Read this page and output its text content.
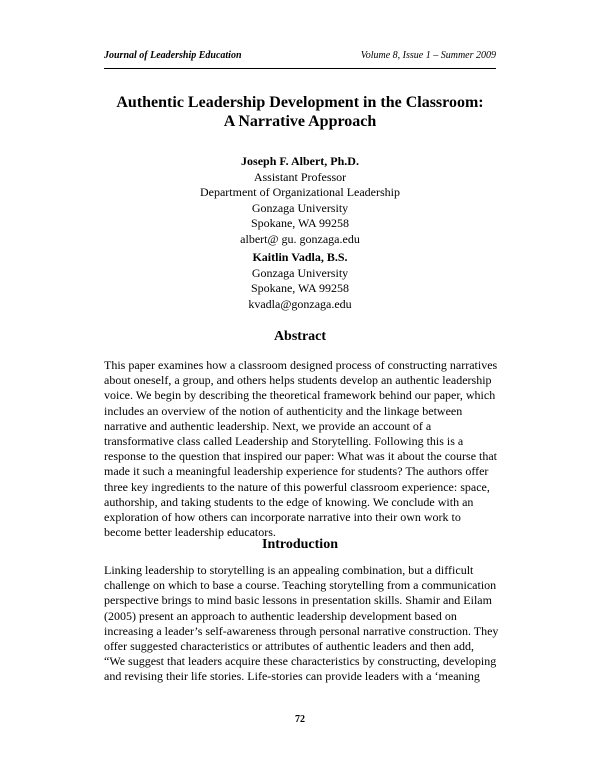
Journal of Leadership Education	Volume 8, Issue 1 – Summer 2009
Authentic Leadership Development in the Classroom:
A Narrative Approach
Joseph F. Albert, Ph.D.
Assistant Professor
Department of Organizational Leadership
Gonzaga University
Spokane, WA 99258
albert@ gu. gonzaga.edu
Kaitlin Vadla, B.S.
Gonzaga University
Spokane, WA 99258
kvadla@gonzaga.edu
Abstract
This paper examines how a classroom designed process of constructing narratives
about oneself, a group, and others helps students develop an authentic leadership
voice. We begin by describing the theoretical framework behind our paper, which
includes an overview of the notion of authenticity and the linkage between
narrative and authentic leadership. Next, we provide an account of a
transformative class called Leadership and Storytelling. Following this is a
response to the question that inspired our paper: What was it about the course that
made it such a meaningful leadership experience for students? The authors offer
three key ingredients to the nature of this powerful classroom experience: space,
authorship, and taking students to the edge of knowing. We conclude with an
exploration of how others can incorporate narrative into their own work to
become better leadership educators.
Introduction
Linking leadership to storytelling is an appealing combination, but a difficult
challenge on which to base a course. Teaching storytelling from a communication
perspective brings to mind basic lessons in presentation skills. Shamir and Eilam
(2005) present an approach to authentic leadership development based on
increasing a leader’s self-awareness through personal narrative construction. They
offer suggested characteristics or attributes of authentic leaders and then add,
“We suggest that leaders acquire these characteristics by constructing, developing
and revising their life stories. Life-stories can provide leaders with a ‘meaning
72
